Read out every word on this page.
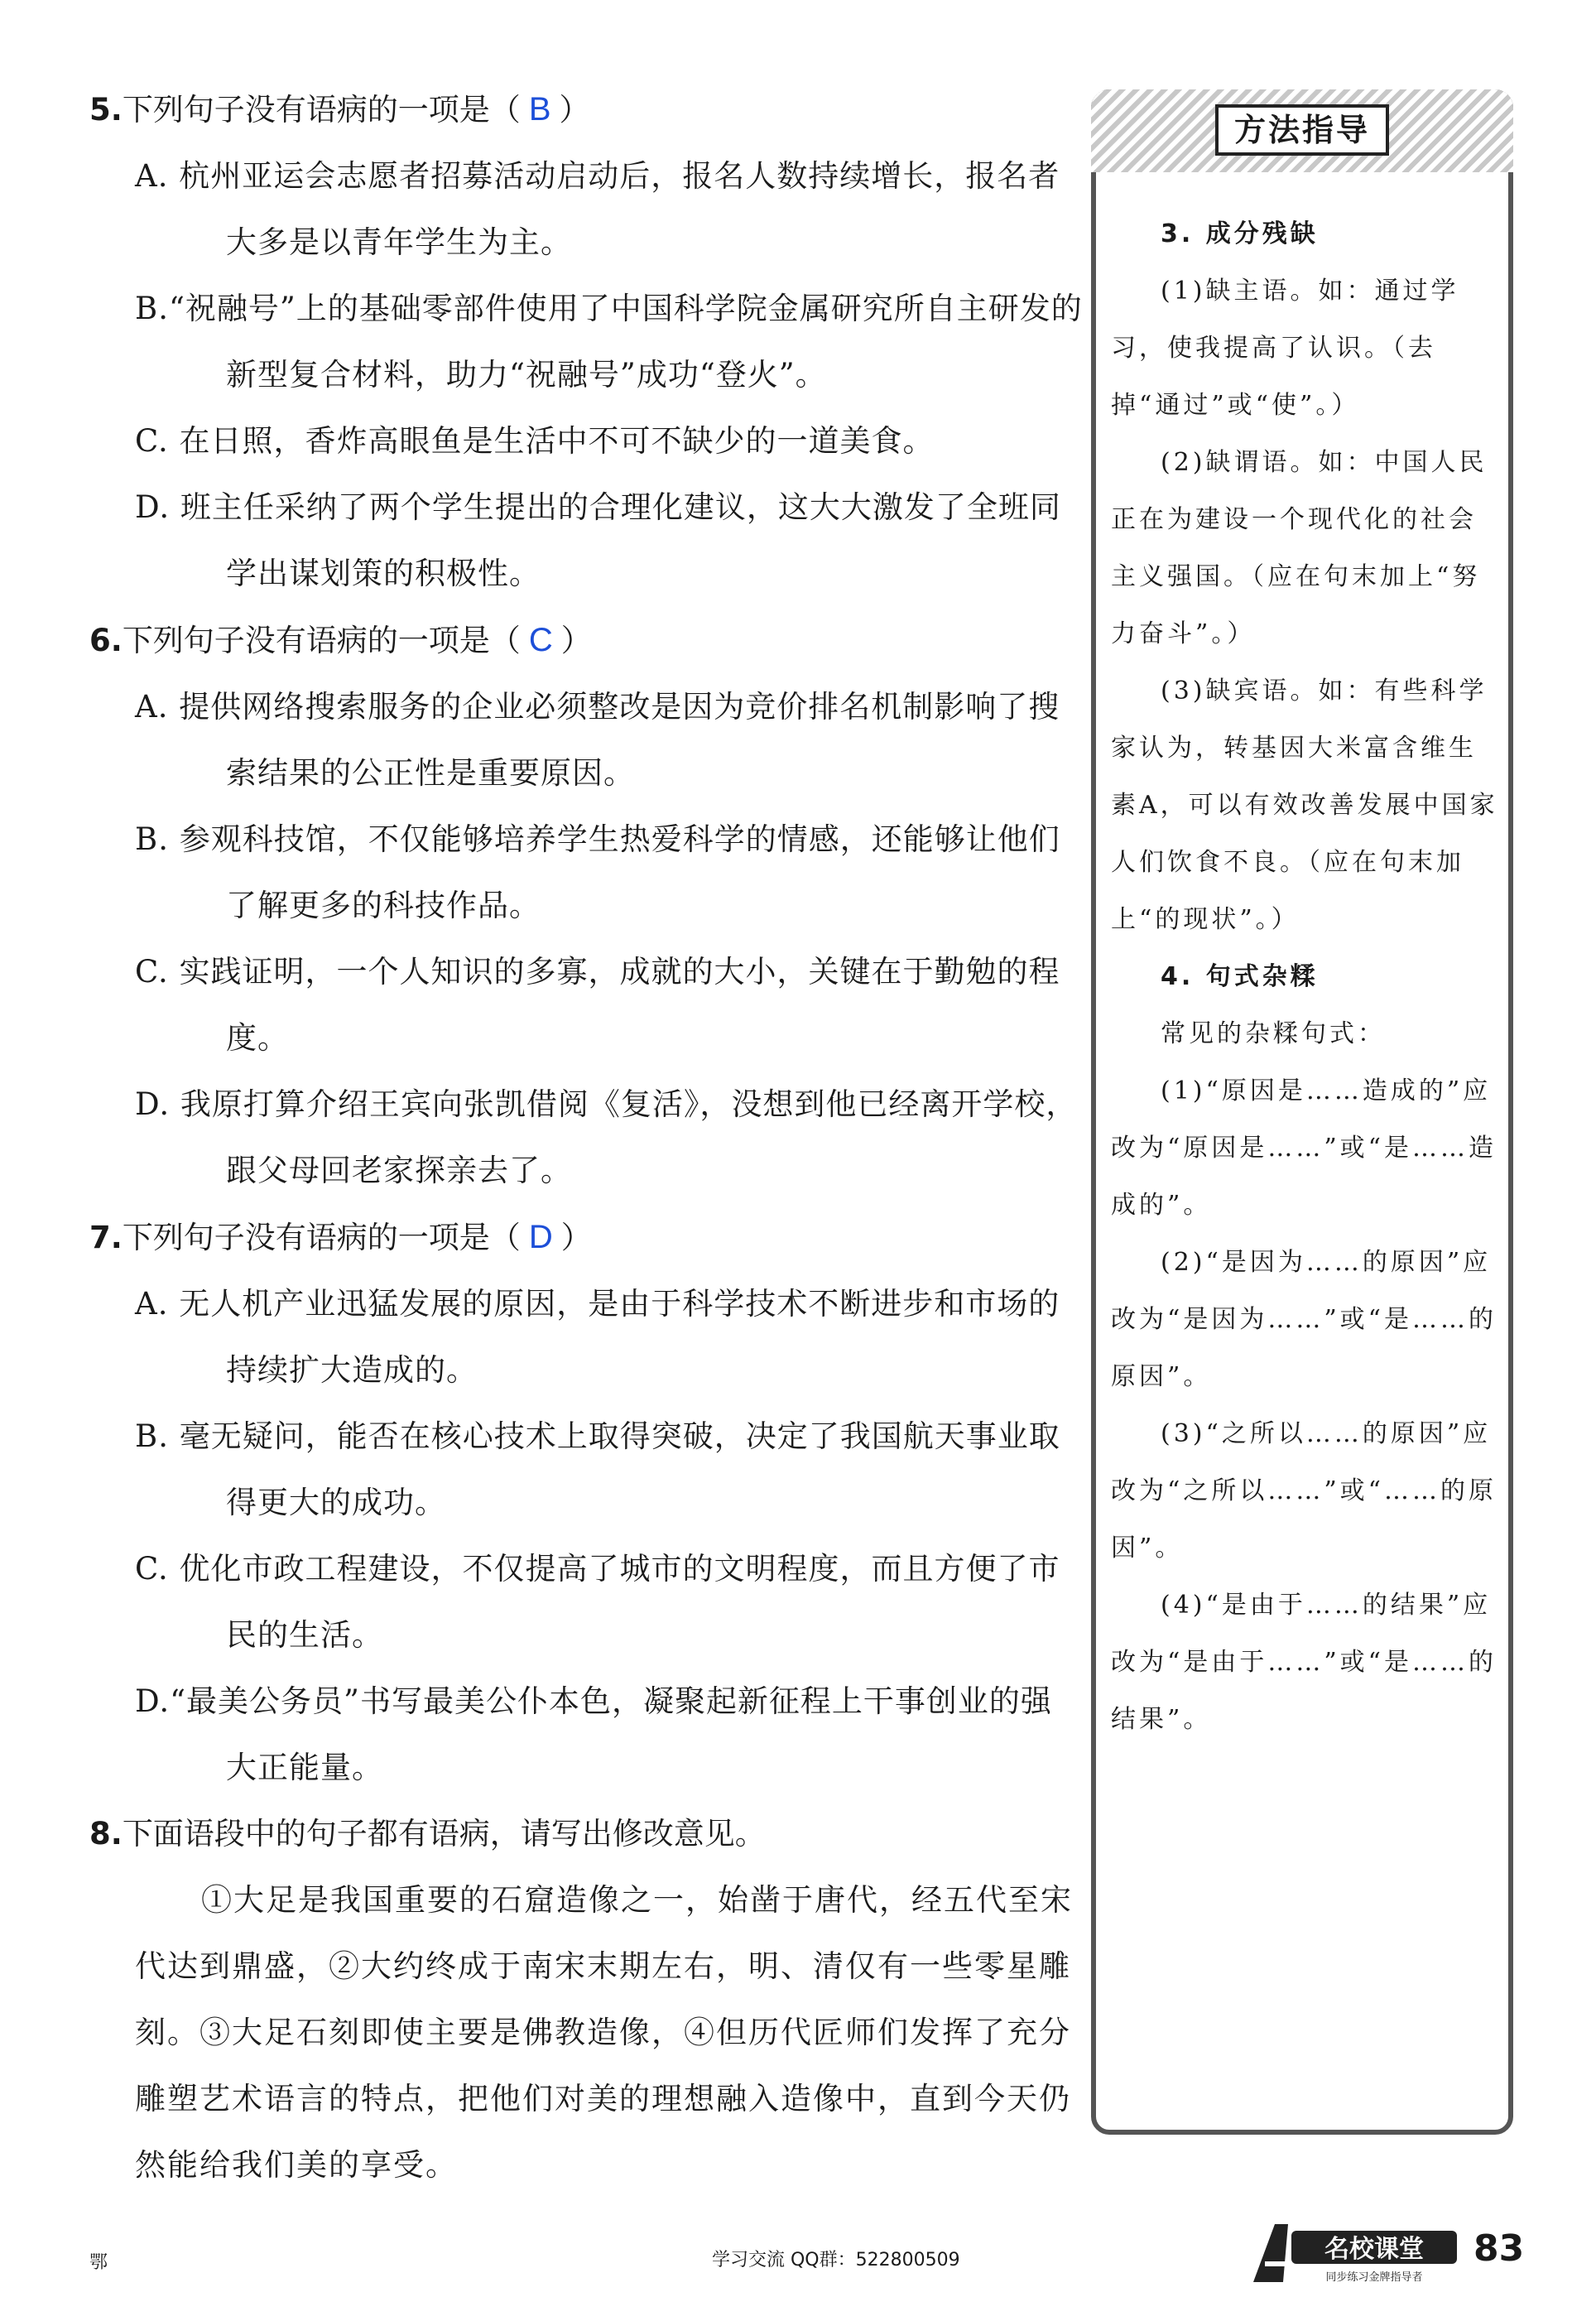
5.下列句子没有语病的一项是（ B ）
A. 杭州亚运会志愿者招募活动启动后，报名人数持续增长，报名者大多是以青年学生为主。
B.“祝融号”上的基础零部件使用了中国科学院金属研究所自主研发的新型复合材料，助力“祝融号”成功“登火”。
C. 在日照，香炸高眼鱼是生活中不可不缺少的一道美食。
D. 班主任采纳了两个学生提出的合理化建议，这大大激发了全班同学出谋划策的积极性。
6.下列句子没有语病的一项是（ C ）
A. 提供网络搜索服务的企业必须整改是因为竞价排名机制影响了搜索结果的公正性是重要原因。
B. 参观科技馆，不仅能够培养学生热爱科学的情感，还能够让他们了解更多的科技作品。
C. 实践证明，一个人知识的多寡，成就的大小，关键在于勤勉的程度。
D. 我原打算介绍王宾向张凯借阅《复活》，没想到他已经离开学校，跟父母回老家探亲去了。
7.下列句子没有语病的一项是（ D ）
A. 无人机产业迅猛发展的原因，是由于科学技术不断进步和市场的持续扩大造成的。
B. 毫无疑问，能否在核心技术上取得突破，决定了我国航天事业取得更大的成功。
C. 优化市政工程建设，不仅提高了城市的文明程度，而且方便了市民的生活。
D.“最美公务员”书写最美公仆本色，凝聚起新征程上干事创业的强大正能量。
8.下面语段中的句子都有语病，请写出修改意见。
①大足是我国重要的石窟造像之一，始凿于唐代，经五代至宋代达到鼎盛，②大约终成于南宋末期左右，明、清仅有一些零星雕刻。③大足石刻即使主要是佛教造像，④但历代匠师们发挥了充分雕塑艺术语言的特点，把他们对美的理想融入造像中，直到今天仍然能给我们美的享受。
方法指导
3. 成分残缺
(1)缺主语。如：通过学习，使我提高了认识。（去掉“通过”或“使”。）
(2)缺谓语。如：中国人民正在为建设一个现代化的社会主义强国。（应在句末加上“努力奋斗”。）
(3)缺宾语。如：有些科学家认为，转基因大米富含维生素A，可以有效改善发展中国家人们饮食不良。（应在句末加上“的现状”。）
4. 句式杂糅
常见的杂糅句式：
(1)“原因是……造成的”应改为“原因是……”或“是……造成的”。
(2)“是因为……的原因”应改为“是因为……”或“是……的原因”。
(3)“之所以……的原因”应改为“之所以……”或“……的原因”。
(4)“是由于……的结果”应改为“是由于……”或“是……的结果”。
鄂	学习交流 QQ群：522800509	名校课堂
同步练习金牌指导者
83
